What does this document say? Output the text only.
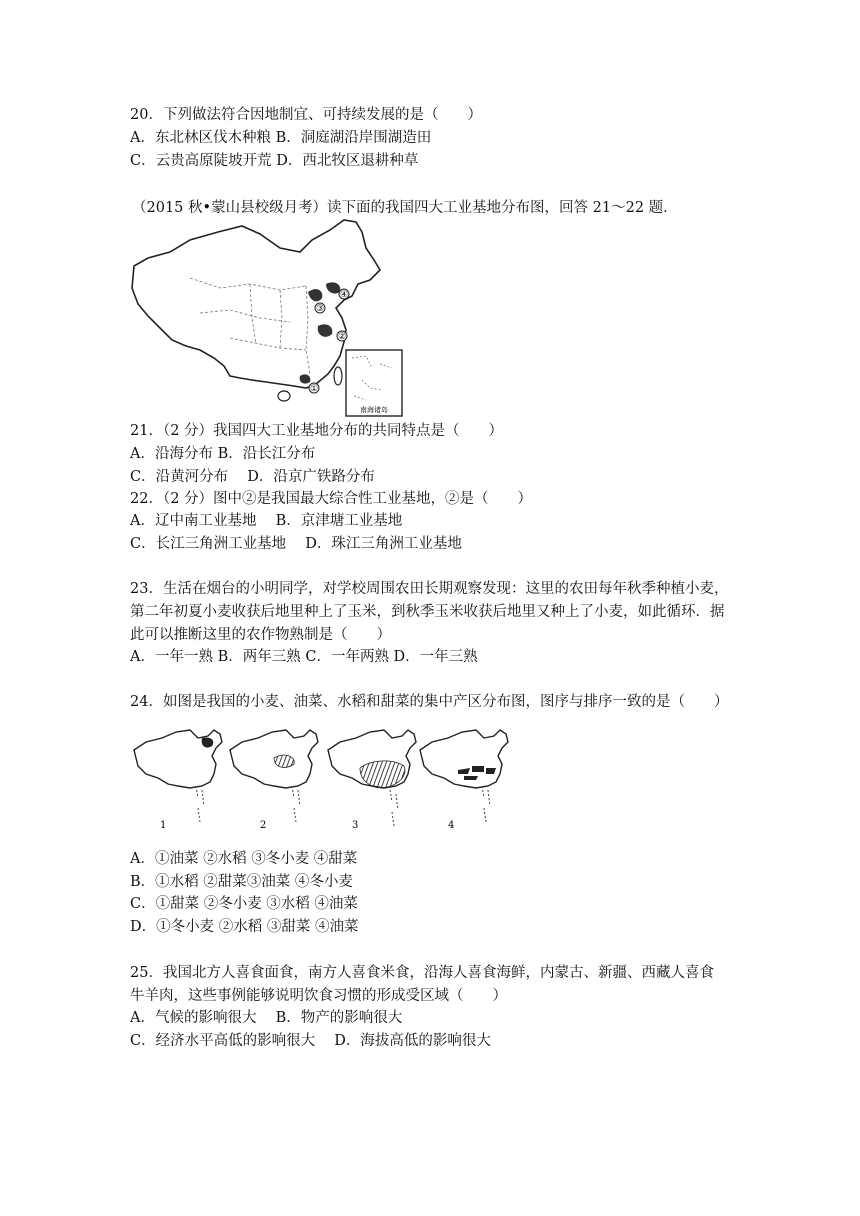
20．下列做法符合因地制宜、可持续发展的是（　　）
A．东北林区伐木种粮 B．洞庭湖沿岸围湖造田
C．云贵高原陡坡开荒 D．西北牧区退耕种草
（2015 秋•蒙山县校级月考）读下面的我国四大工业基地分布图，回答 21～22 题．
④
③
②
①
南海诸岛
21．（2 分）我国四大工业基地分布的共同特点是（　　）
A．沿海分布 B．沿长江分布
C．沿黄河分布　 D．沿京广铁路分布
22．（2 分）图中②是我国最大综合性工业基地，②是（　　）
A．辽中南工业基地　 B．京津塘工业基地
C．长江三角洲工业基地　 D．珠江三角洲工业基地
23．生活在烟台的小明同学，对学校周围农田长期观察发现：这里的农田每年秋季种植小麦，
第二年初夏小麦收获后地里种上了玉米，到秋季玉米收获后地里又种上了小麦，如此循环．据
此可以推断这里的农作物熟制是（　　）
A．一年一熟 B．两年三熟 C．一年两熟 D．一年三熟
24．如图是我国的小麦、油菜、水稻和甜菜的集中产区分布图，图序与排序一致的是（　　）
1	2	3	4
A．①油菜 ②水稻 ③冬小麦 ④甜菜
B．①水稻 ②甜菜③油菜 ④冬小麦
C．①甜菜 ②冬小麦 ③水稻 ④油菜
D．①冬小麦 ②水稻 ③甜菜 ④油菜
25．我国北方人喜食面食，南方人喜食米食，沿海人喜食海鲜，内蒙古、新疆、西藏人喜食
牛羊肉，这些事例能够说明饮食习惯的形成受区域（　　）
A．气候的影响很大　 B．物产的影响很大
C．经济水平高低的影响很大　 D．海拔高低的影响很大
